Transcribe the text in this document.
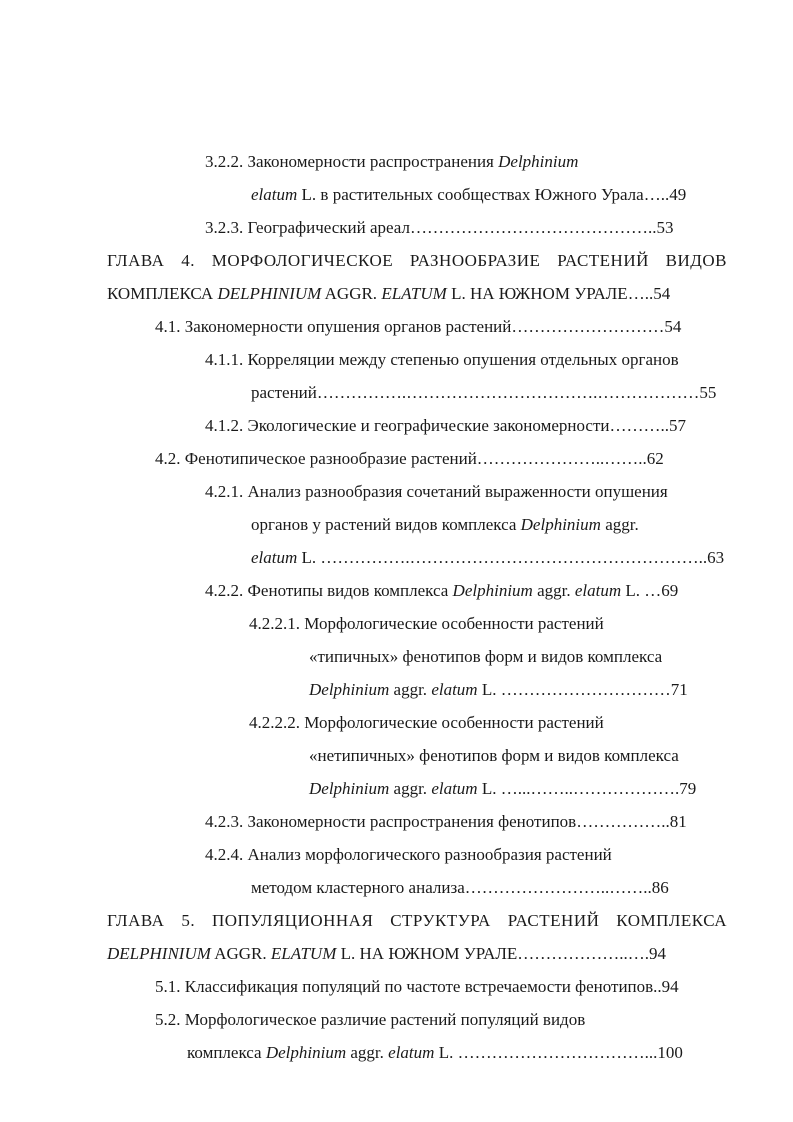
3.2.2. Закономерности распространения Delphinium
elatum L. в растительных сообществах Южного Урала…..49
3.2.3. Географический ареал……………………………………..53
ГЛАВА 4. МОРФОЛОГИЧЕСКОЕ РАЗНООБРАЗИЕ РАСТЕНИЙ ВИДОВ
КОМПЛЕКСА DELPHINIUM AGGR. ELATUM L. НА ЮЖНОМ УРАЛЕ…..54
4.1. Закономерности опушения органов растений………………………54
4.1.1. Корреляции между степенью опушения отдельных органов
растений…………….…………………………….………………55
4.1.2. Экологические и географические закономерности………..57
4.2. Фенотипическое разнообразие растений…………………..……..62
4.2.1. Анализ разнообразия сочетаний выраженности опушения
органов у растений видов комплекса Delphinium aggr.
elatum L. …………….……………………………………………..63
4.2.2. Фенотипы видов комплекса Delphinium aggr. elatum L. …69
4.2.2.1. Морфологические особенности растений
«типичных» фенотипов форм и видов комплекса
Delphinium aggr. elatum L. …………………………71
4.2.2.2. Морфологические особенности растений
«нетипичных» фенотипов форм и видов комплекса
Delphinium aggr. elatum L. …...……..……………….79
4.2.3. Закономерности распространения фенотипов……………..81
4.2.4. Анализ морфологического разнообразия растений
методом кластерного анализа……………………..……..86
ГЛАВА 5. ПОПУЛЯЦИОННАЯ СТРУКТУРА РАСТЕНИЙ КОМПЛЕКСА
DELPHINIUM AGGR. ELATUM L. НА ЮЖНОМ УРАЛЕ………………..….94
5.1. Классификация популяций по частоте встречаемости фенотипов..94
5.2. Морфологическое различие растений популяций видов
комплекса Delphinium aggr. elatum L. ……………………………...100
